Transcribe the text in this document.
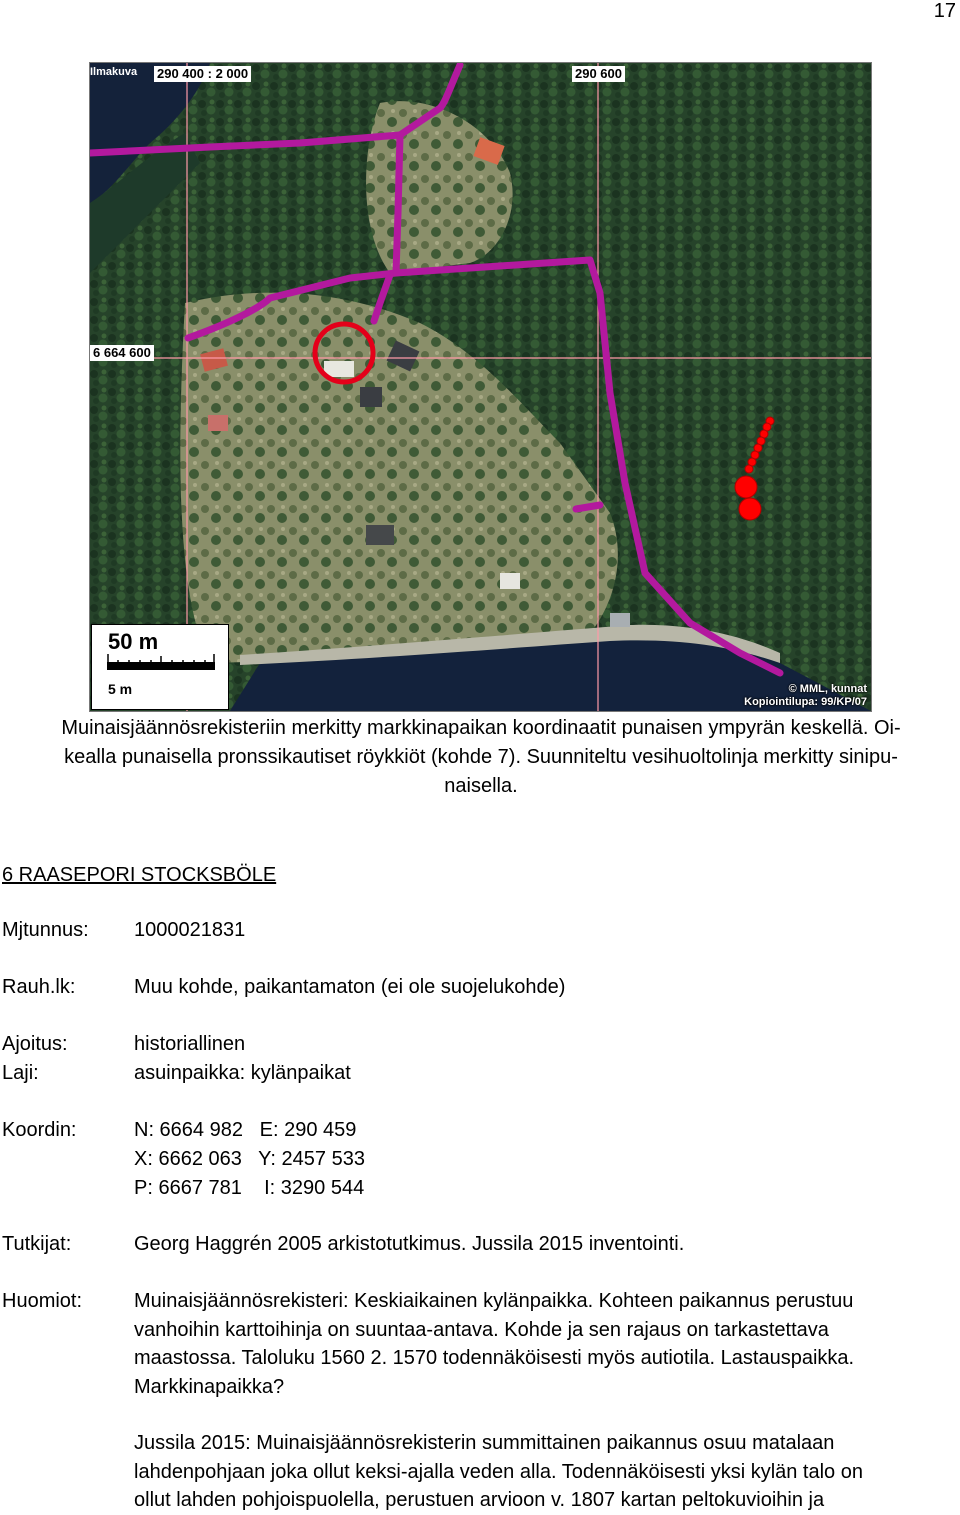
17
Ilmakuva 290 400 : 2 000	290 600
6 664 600
50 m
5 m	© MML, kunnat
Kopiointilupa: 99/KP/07
Muinaisjäännösrekisteriin merkitty markkinapaikan koordinaatit punaisen ympyrän keskellä. Oi-
kealla punaisella pronssikautiset röykkiöt (kohde 7). Suunniteltu vesihuoltolinja merkitty sinipu-
naisella.
6 RAASEPORI STOCKSBÖLE
Mjtunnus: 1000021831
Rauh.lk:	Muu kohde, paikantamaton (ei ole suojelukohde)
Ajoitus:	historiallinen
Laji:	asuinpaikka: kylänpaikat
Koordin:	N: 6664 982   E: 290 459
X: 6662 063   Y: 2457 533
P: 6667 781    I: 3290 544
Tutkijat:	Georg Haggrén 2005 arkistotutkimus. Jussila 2015 inventointi.
Huomiot:	Muinaisjäännösrekisteri: Keskiaikainen kylänpaikka. Kohteen paikannus perustuu
vanhoihin karttoihinja on suuntaa-antava. Kohde ja sen rajaus on tarkastettava
maastossa. Taloluku 1560 2. 1570 todennäköisesti myös autiotila. Lastauspaikka.
Markkinapaikka?
Jussila 2015: Muinaisjäännösrekisterin summittainen paikannus osuu matalaan
lahdenpohjaan joka ollut keksi-ajalla veden alla. Todennäköisesti yksi kylän talo on
ollut lahden pohjoispuolella, perustuen arvioon v. 1807 kartan peltokuvioihin ja
